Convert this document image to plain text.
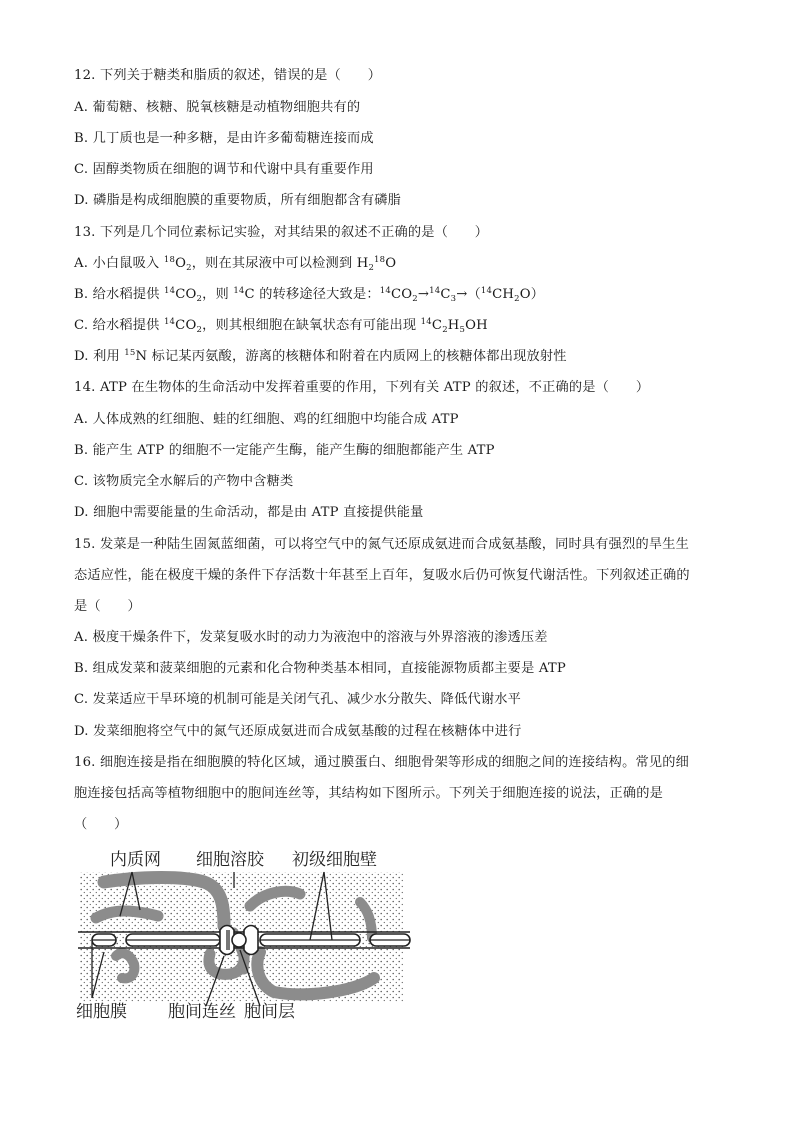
12. 下列关于糖类和脂质的叙述，错误的是（　　）
A. 葡萄糖、核糖、脱氧核糖是动植物细胞共有的
B. 几丁质也是一种多糖，是由许多葡萄糖连接而成
C. 固醇类物质在细胞的调节和代谢中具有重要作用
D. 磷脂是构成细胞膜的重要物质，所有细胞都含有磷脂
13. 下列是几个同位素标记实验，对其结果的叙述不正确的是（　　）
A. 小白鼠吸入 $^{18}O_2$，则在其尿液中可以检测到 $H_2^{18}O$
B. 给水稻提供 $^{14}CO_2$，则 $^{14}$C 的转移途径大致是：$^{14}CO_2\to^{14}C_3\to(^{14}CH_2O)$
C. 给水稻提供 $^{14}CO_2$，则其根细胞在缺氧状态有可能出现 $^{14}C_2H_5OH$
D. 利用 $^{15}$N 标记某丙氨酸，游离的核糖体和附着在内质网上的核糖体都出现放射性
14. ATP 在生物体的生命活动中发挥着重要的作用，下列有关 ATP 的叙述，不正确的是（　　）
A. 人体成熟的红细胞、蛙的红细胞、鸡的红细胞中均能合成 ATP
B. 能产生 ATP 的细胞不一定能产生酶，能产生酶的细胞都能产生 ATP
C. 该物质完全水解后的产物中含糖类
D. 细胞中需要能量的生命活动，都是由 ATP 直接提供能量
15. 发菜是一种陆生固氮蓝细菌，可以将空气中的氮气还原成氨进而合成氨基酸，同时具有强烈的旱生生
态适应性，能在极度干燥的条件下存活数十年甚至上百年，复吸水后仍可恢复代谢活性。下列叙述正确的
是（　　）
A. 极度干燥条件下，发菜复吸水时的动力为液泡中的溶液与外界溶液的渗透压差
B. 组成发菜和菠菜细胞的元素和化合物种类基本相同，直接能源物质都主要是 ATP
C. 发菜适应干旱环境的机制可能是关闭气孔、减少水分散失、降低代谢水平
D. 发菜细胞将空气中的氮气还原成氨进而合成氨基酸的过程在核糖体中进行
16. 细胞连接是指在细胞膜的特化区域，通过膜蛋白、细胞骨架等形成的细胞之间的连接结构。常见的细
胞连接包括高等植物细胞中的胞间连丝等，其结构如下图所示。下列关于细胞连接的说法，正确的是
（　　）
内质网 细胞溶胶 初级细胞壁
细胞膜 胞间连丝 胞间层
